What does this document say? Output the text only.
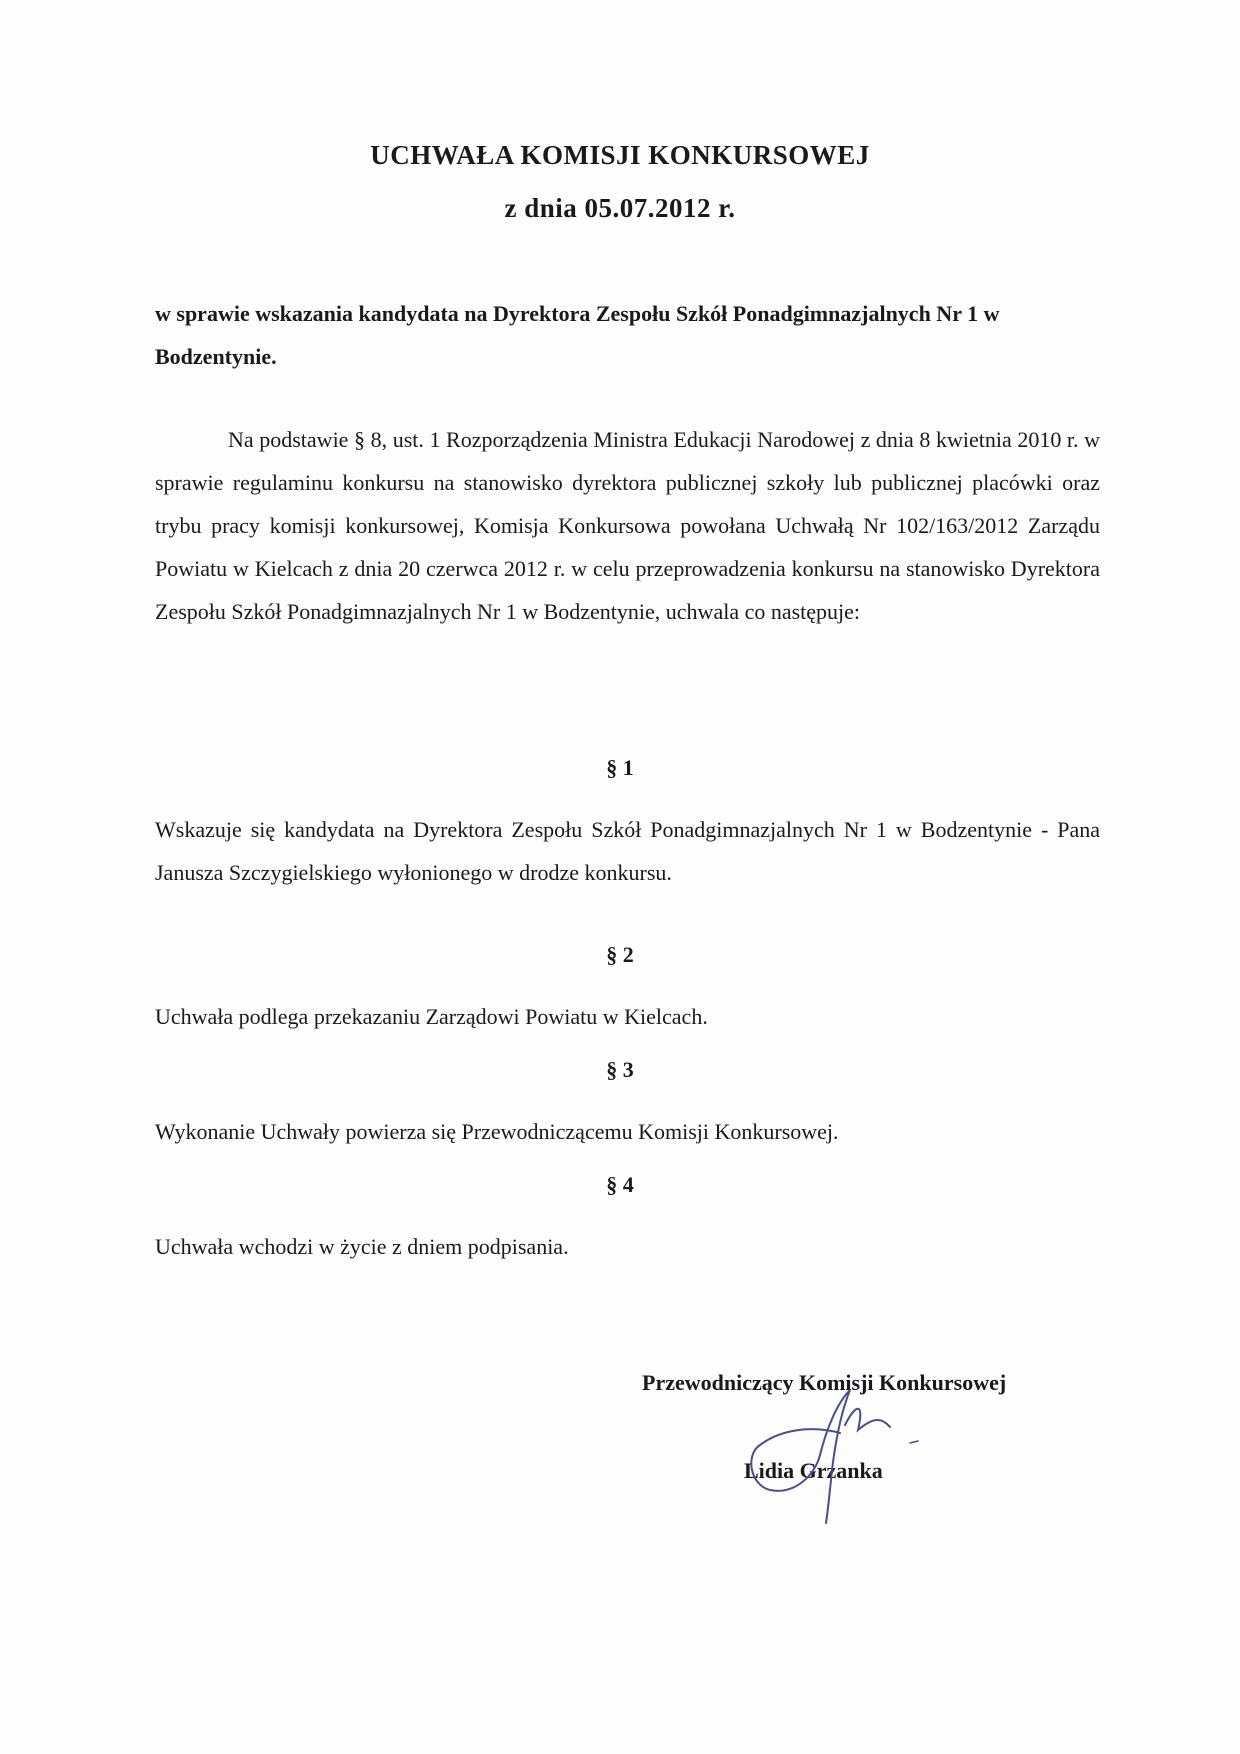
UCHWAŁA KOMISJI KONKURSOWEJ
z dnia 05.07.2012 r.
w sprawie wskazania kandydata na Dyrektora Zespołu Szkół Ponadgimnazjalnych Nr 1 w Bodzentynie.
Na podstawie § 8, ust. 1 Rozporządzenia Ministra Edukacji Narodowej z dnia 8 kwietnia 2010 r. w sprawie regulaminu konkursu na stanowisko dyrektora publicznej szkoły lub publicznej placówki oraz trybu pracy komisji konkursowej, Komisja Konkursowa powołana Uchwałą Nr 102/163/2012 Zarządu Powiatu w Kielcach z dnia 20 czerwca 2012 r. w celu przeprowadzenia konkursu na stanowisko Dyrektora Zespołu Szkół Ponadgimnazjalnych Nr 1 w Bodzentynie, uchwala co następuje:
§ 1
Wskazuje się kandydata na Dyrektora Zespołu Szkół Ponadgimnazjalnych Nr 1 w Bodzentynie - Pana Janusza Szczygielskiego wyłonionego w drodze konkursu.
§ 2
Uchwała podlega przekazaniu Zarządowi Powiatu w Kielcach.
§ 3
Wykonanie Uchwały powierza się Przewodniczącemu Komisji Konkursowej.
§ 4
Uchwała wchodzi w życie z dniem podpisania.
Przewodniczący Komisji Konkursowej
Lidia Grzanka
